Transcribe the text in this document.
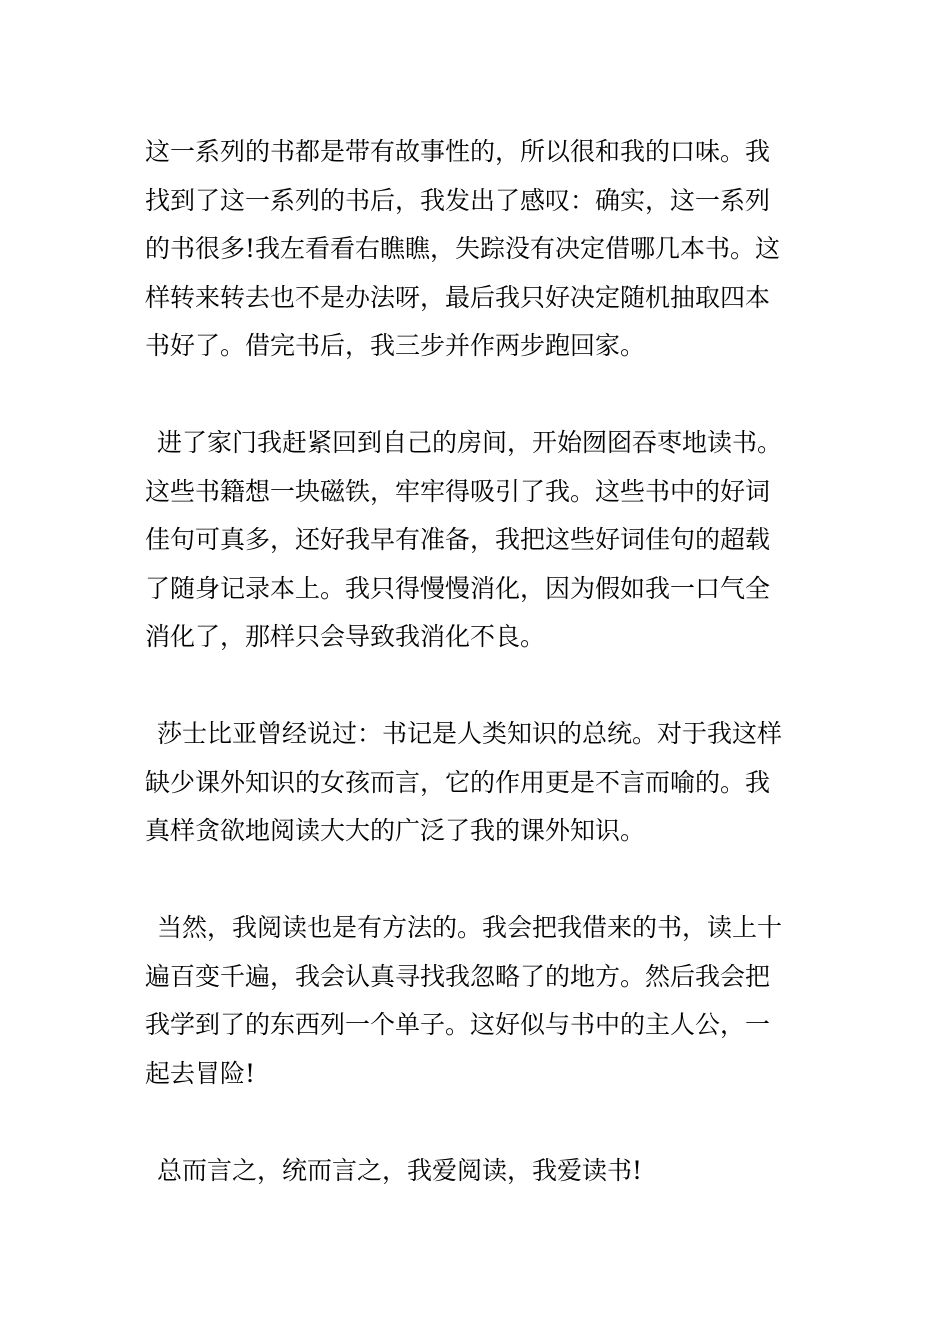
这一系列的书都是带有故事性的，所以很和我的口味。我
找到了这一系列的书后，我发出了感叹：确实，这一系列
的书很多!我左看看右瞧瞧，失踪没有决定借哪几本书。这
样转来转去也不是办法呀，最后我只好决定随机抽取四本
书好了。借完书后，我三步并作两步跑回家。
进了家门我赶紧回到自己的房间，开始囫囵吞枣地读书。
这些书籍想一块磁铁，牢牢得吸引了我。这些书中的好词
佳句可真多，还好我早有准备，我把这些好词佳句的超载
了随身记录本上。我只得慢慢消化，因为假如我一口气全
消化了，那样只会导致我消化不良。
莎士比亚曾经说过：书记是人类知识的总统。对于我这样
缺少课外知识的女孩而言，它的作用更是不言而喻的。我
真样贪欲地阅读大大的广泛了我的课外知识。
当然，我阅读也是有方法的。我会把我借来的书，读上十
遍百变千遍，我会认真寻找我忽略了的地方。然后我会把
我学到了的东西列一个单子。这好似与书中的主人公，一
起去冒险!
总而言之，统而言之，我爱阅读，我爱读书!
